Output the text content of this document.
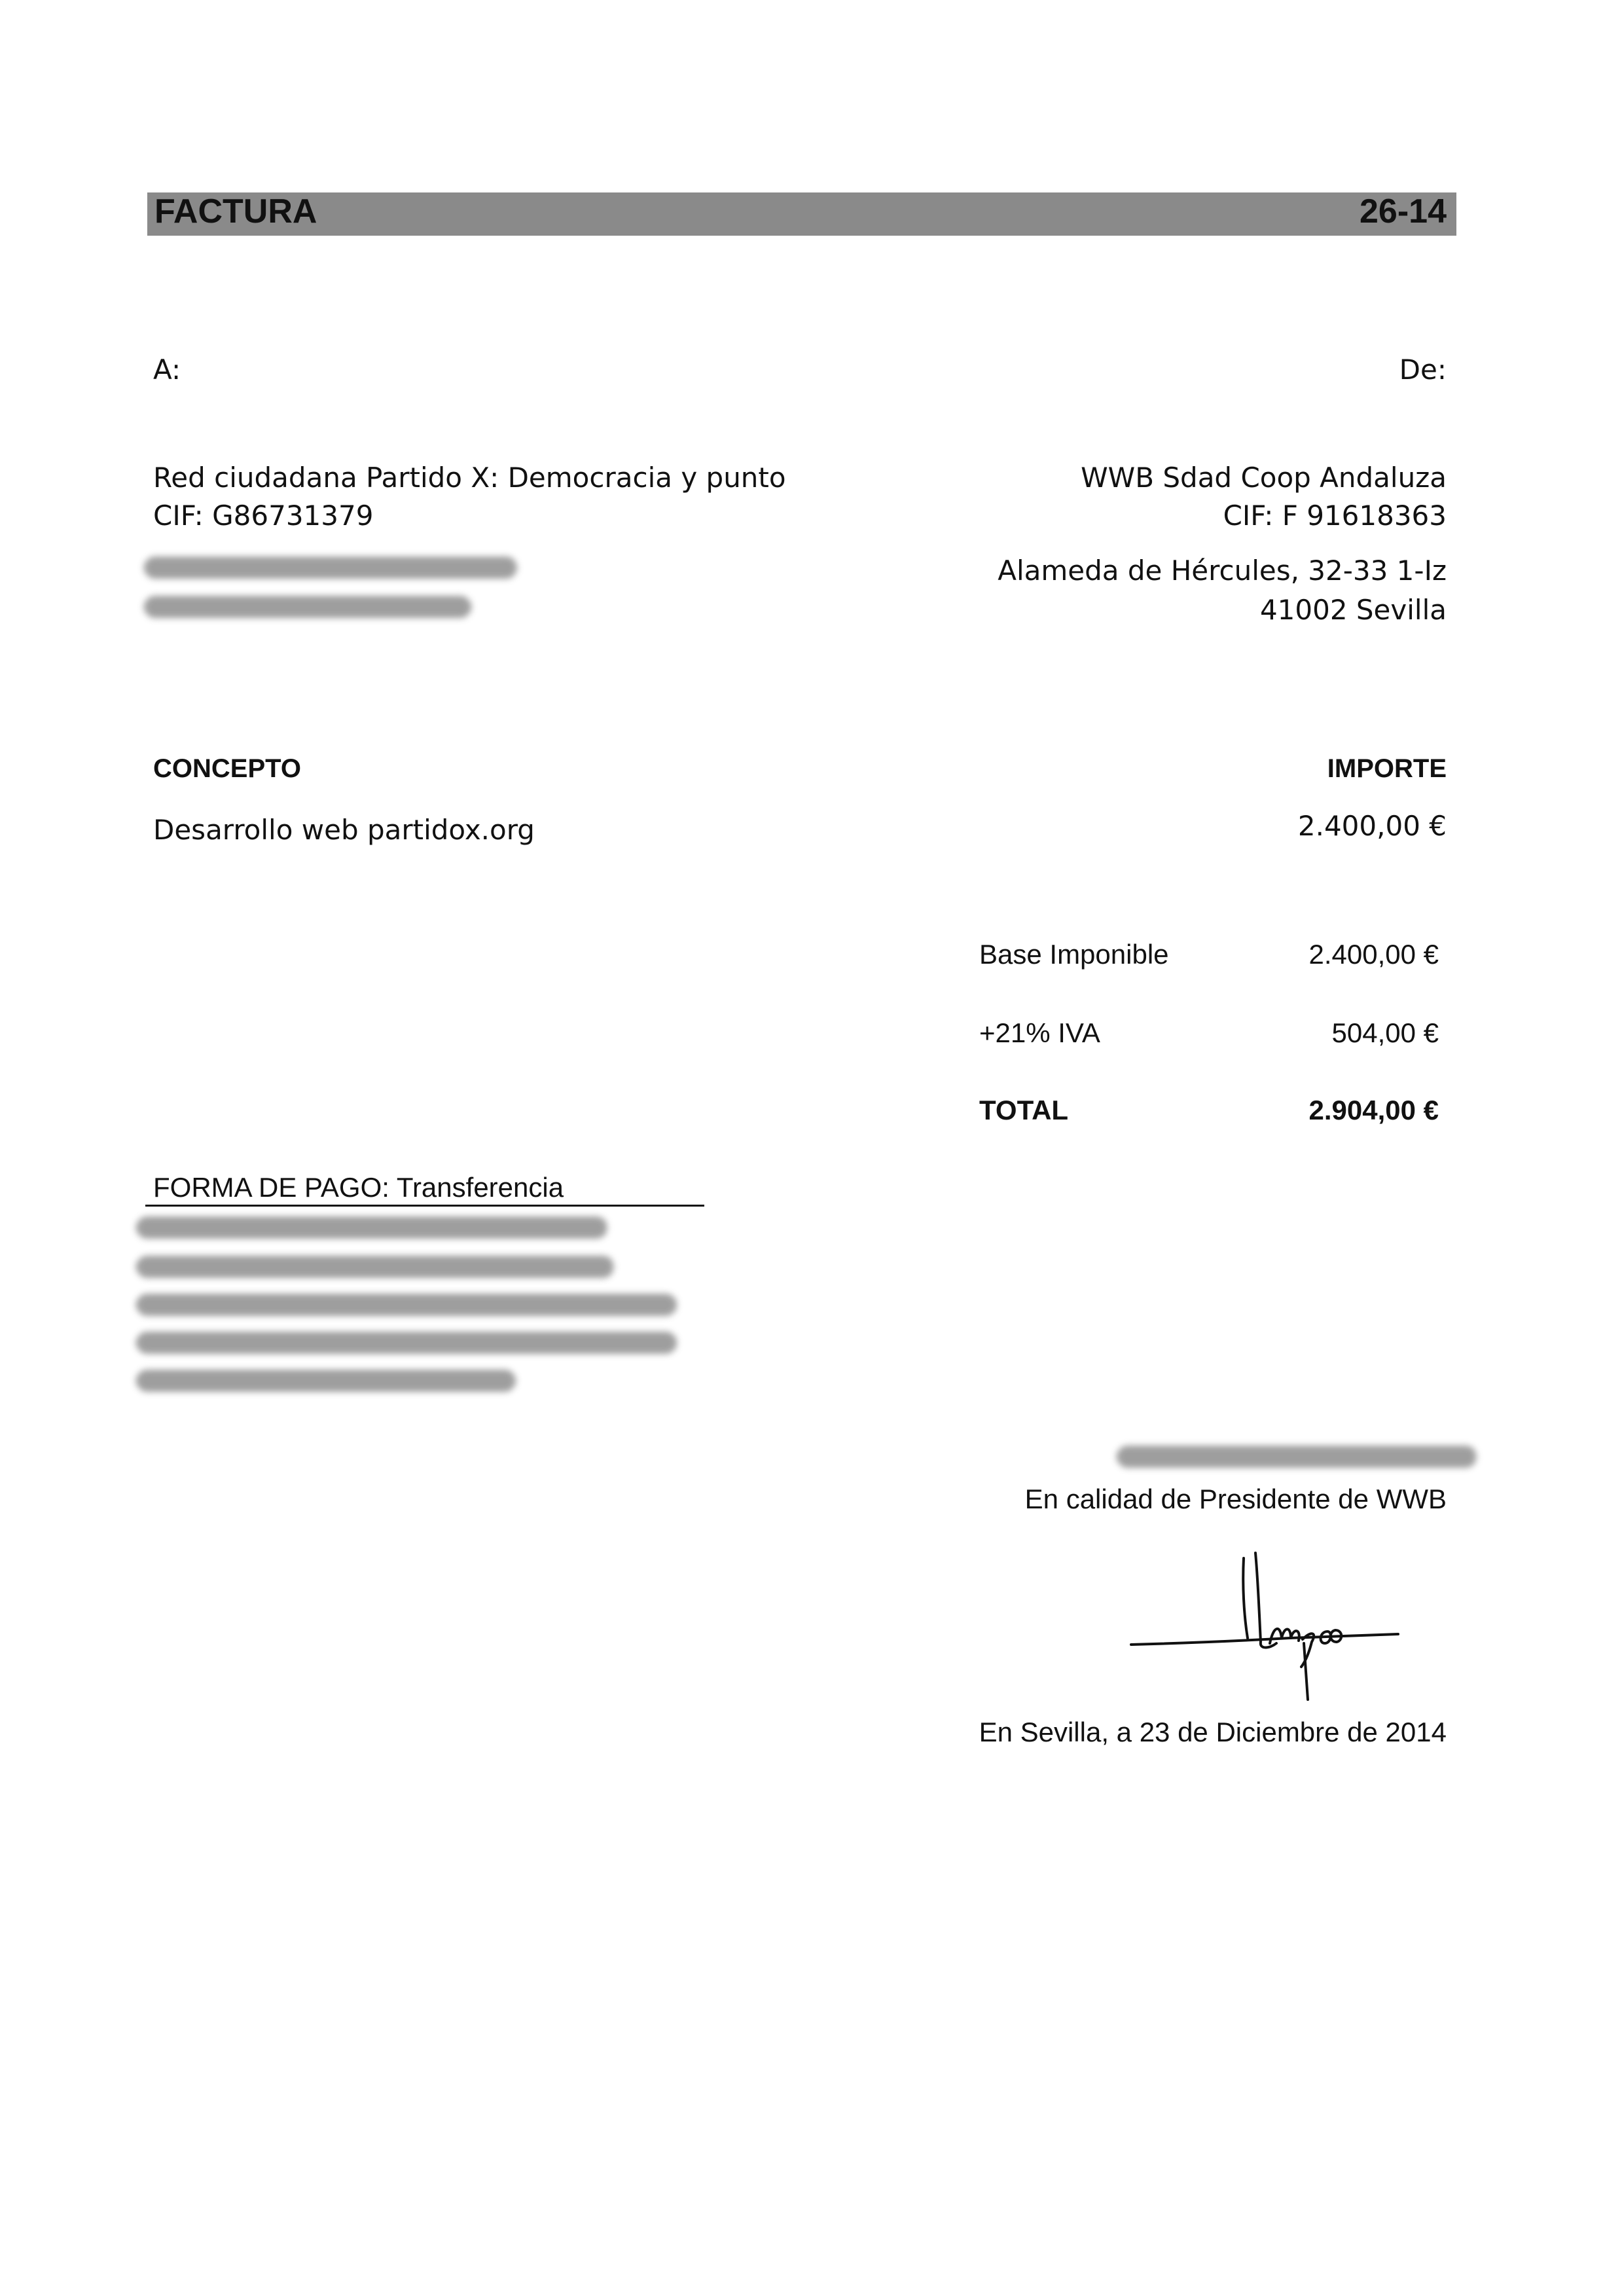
FACTURA	26-14
A:	De:
Red ciudadana Partido X: Democracia y punto
CIF: G86731379
WWB Sdad Coop Andaluza
CIF: F 91618363
Alameda de Hércules, 32-33 1-Iz
41002 Sevilla
CONCEPTO	IMPORTE
Desarrollo web partidox.org	2.400,00 €
Base Imponible	2.400,00 €
+21% IVA	504,00 €
TOTAL	2.904,00 €
FORMA DE PAGO: Transferencia
En calidad de Presidente de WWB
En Sevilla, a 23 de Diciembre de 2014
